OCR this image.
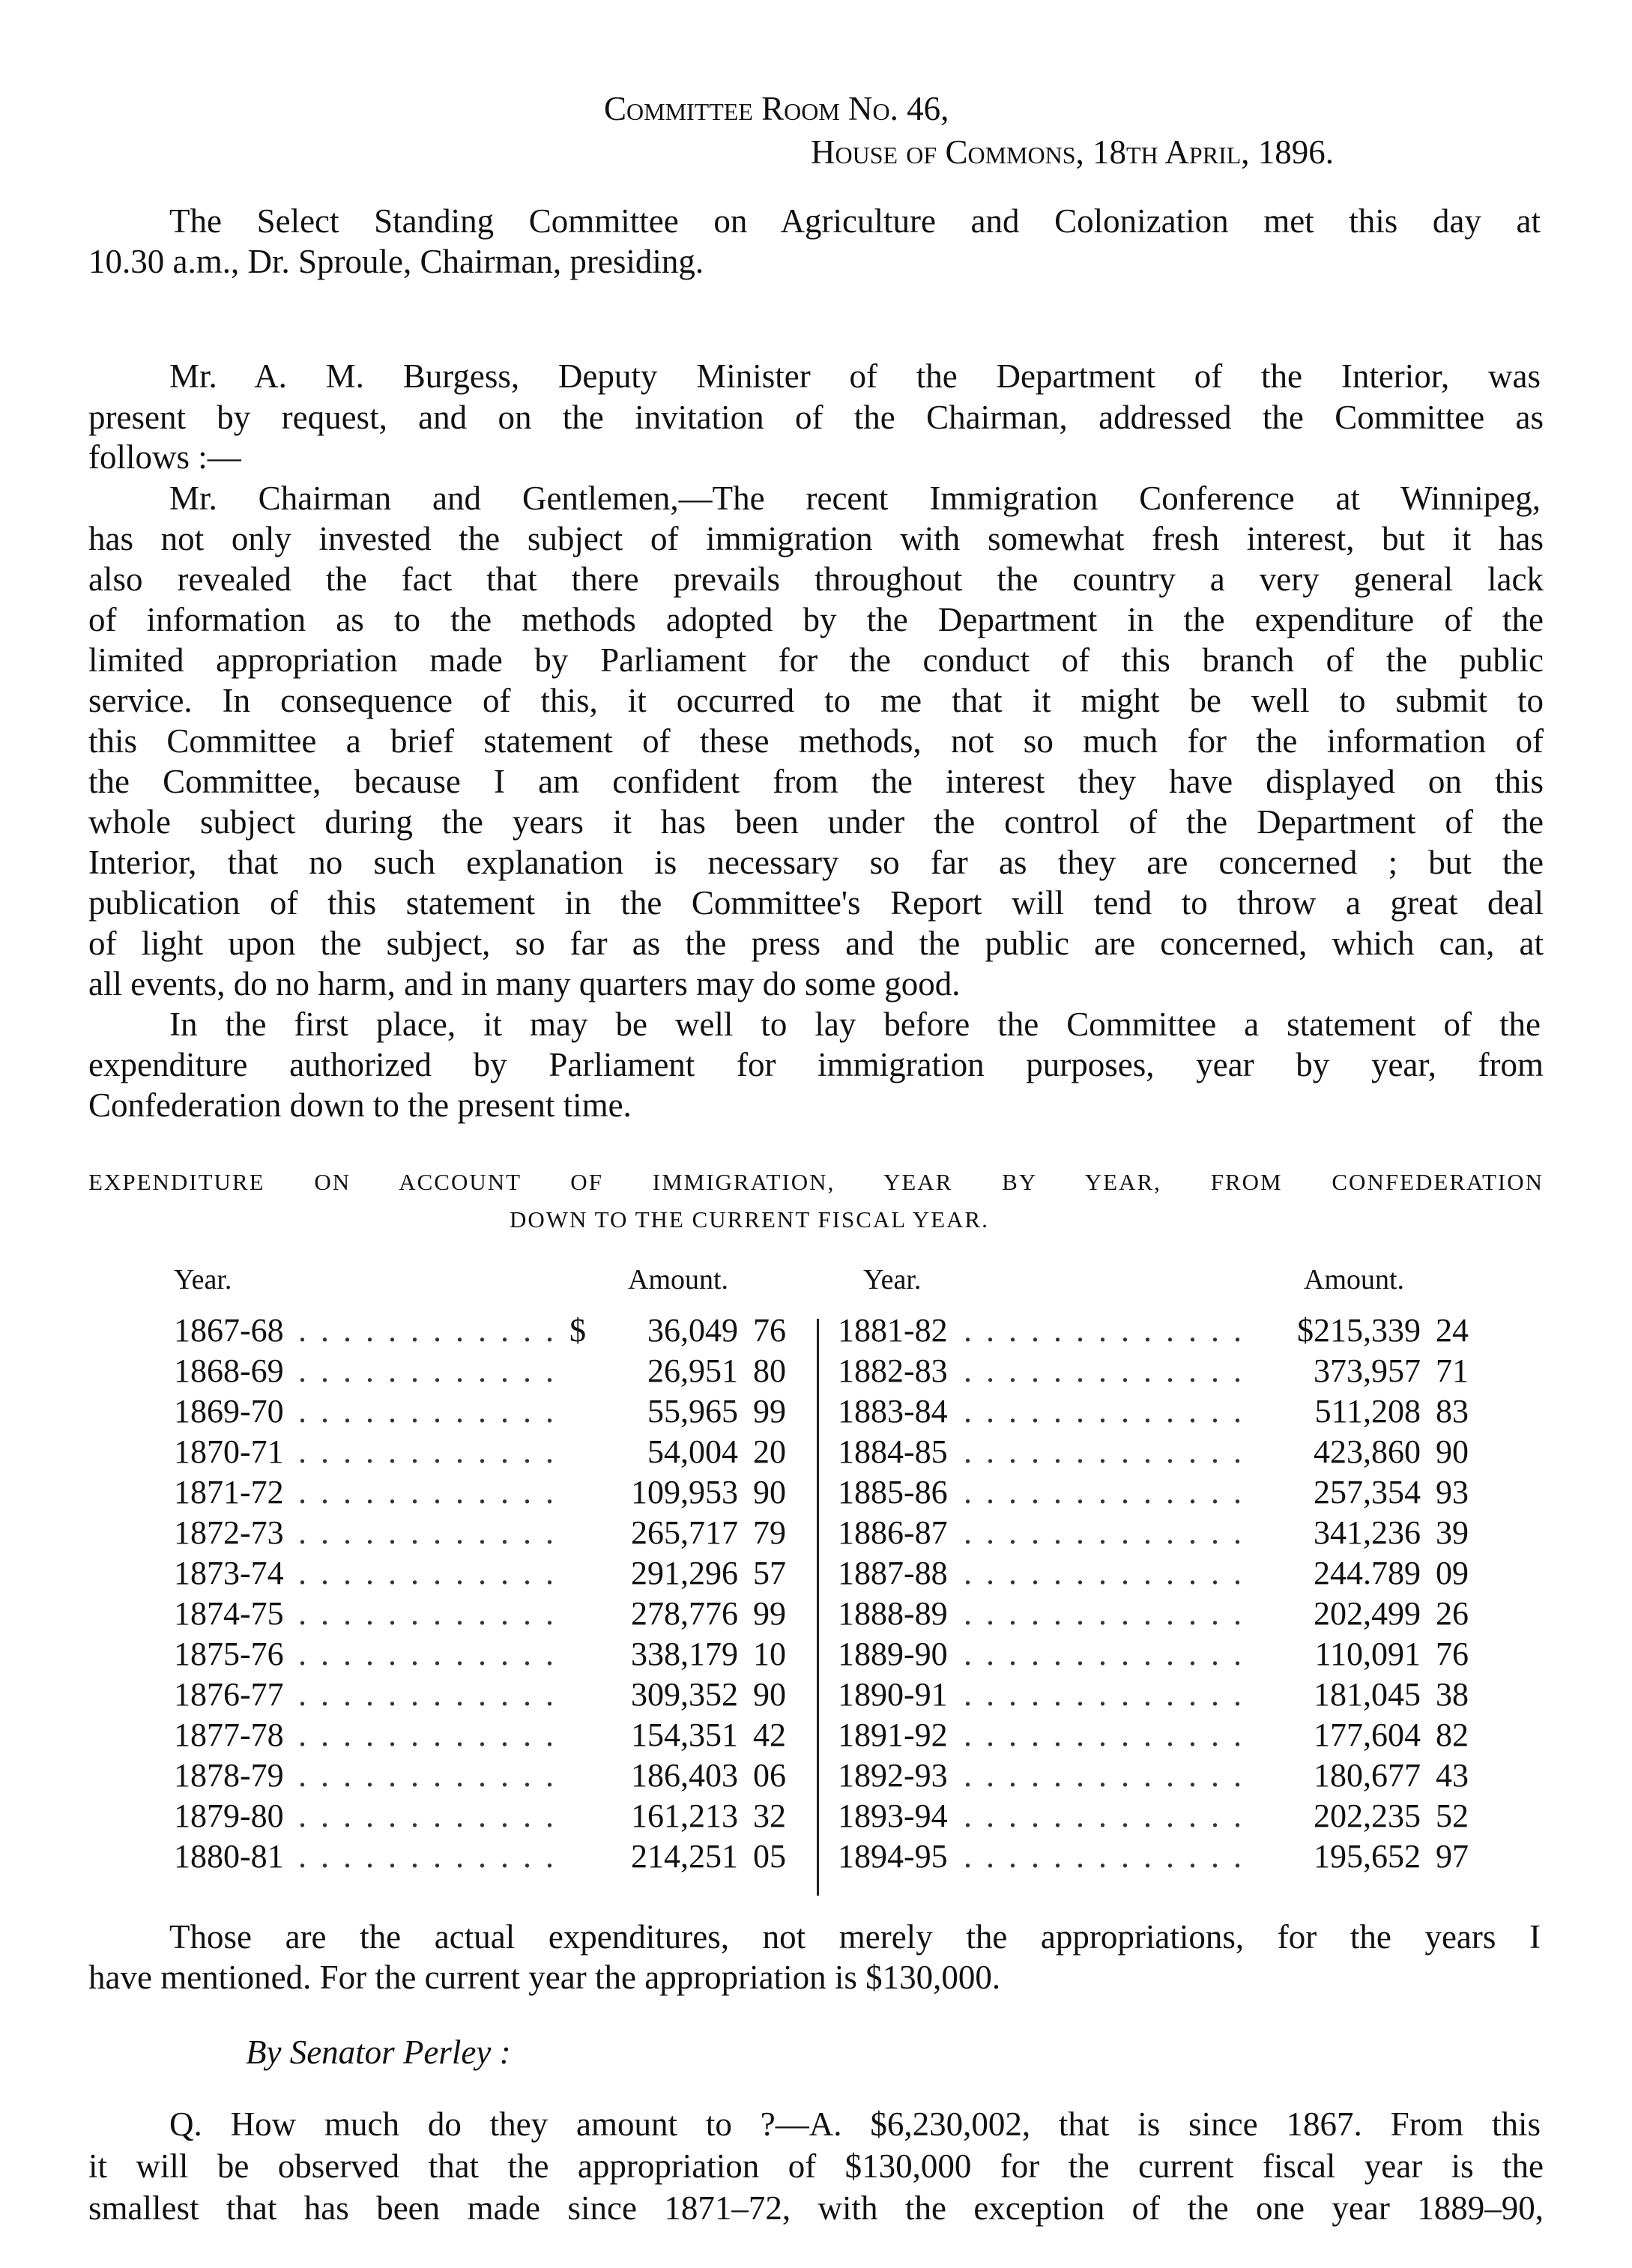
Committee Room No. 46,
House of Commons, 18th April, 1896.
The Select Standing Committee on Agriculture and Colonization met this day at
10.30 a.m., Dr. Sproule, Chairman, presiding.
Mr. A. M. Burgess, Deputy Minister of the Department of the Interior, was
present by request, and on the invitation of the Chairman, addressed the Committee as
follows :—
Mr. Chairman and Gentlemen,—The recent Immigration Conference at Winnipeg,
has not only invested the subject of immigration with somewhat fresh interest, but it has
also revealed the fact that there prevails throughout the country a very general lack
of information as to the methods adopted by the Department in the expenditure of the
limited appropriation made by Parliament for the conduct of this branch of the public
service. In consequence of this, it occurred to me that it might be well to submit to
this Committee a brief statement of these methods, not so much for the information of
the Committee, because I am confident from the interest they have displayed on this
whole subject during the years it has been under the control of the Department of the
Interior, that no such explanation is necessary so far as they are concerned ; but the
publication of this statement in the Committee's Report will tend to throw a great deal
of light upon the subject, so far as the press and the public are concerned, which can, at
all events, do no harm, and in many quarters may do some good.
In the first place, it may be well to lay before the Committee a statement of the
expenditure authorized by Parliament for immigration purposes, year by year, from
Confederation down to the present time.
EXPENDITURE ON ACCOUNT OF IMMIGRATION, YEAR BY YEAR, FROM CONFEDERATION
DOWN TO THE CURRENT FISCAL YEAR.
Year.	Amount.	Year.	Amount.
1867-68 . . . . . . . . . . . . $ 36,049 76
1868-69 . . . . . . . . . . . .	26,951 80
1869-70 . . . . . . . . . . . .	55,965 99
1870-71 . . . . . . . . . . . .	54,004 20
1871-72 . . . . . . . . . . . . 109,953 90
1872-73 . . . . . . . . . . . . 265,717 79
1873-74 . . . . . . . . . . . . 291,296 57
1874-75 . . . . . . . . . . . . 278,776 99
1875-76 . . . . . . . . . . . . 338,179 10
1876-77 . . . . . . . . . . . . 309,352 90
1877-78 . . . . . . . . . . . . 154,351 42
1878-79 . . . . . . . . . . . . 186,403 06
1879-80 . . . . . . . . . . . . 161,213 32
1880-81 . . . . . . . . . . . . 214,251 05
1881-82 . . . . . . . . . . . . . $215,339 24
1882-83 . . . . . . . . . . . . . 373,957 71
1883-84 . . . . . . . . . . . . . 511,208 83
1884-85 . . . . . . . . . . . . . 423,860 90
1885-86 . . . . . . . . . . . . . 257,354 93
1886-87 . . . . . . . . . . . . . 341,236 39
1887-88 . . . . . . . . . . . . . 244.789 09
1888-89 . . . . . . . . . . . . . 202,499 26
1889-90 . . . . . . . . . . . . . 110,091 76
1890-91 . . . . . . . . . . . . . 181,045 38
1891-92 . . . . . . . . . . . . . 177,604 82
1892-93 . . . . . . . . . . . . . 180,677 43
1893-94 . . . . . . . . . . . . . 202,235 52
1894-95 . . . . . . . . . . . . . 195,652 97
Those are the actual expenditures, not merely the appropriations, for the years I
have mentioned. For the current year the appropriation is $130,000.
By Senator Perley :
Q. How much do they amount to ?—A. $6,230,002, that is since 1867. From this
it will be observed that the appropriation of $130,000 for the current fiscal year is the
smallest that has been made since 1871–72, with the exception of the one year 1889–90,
